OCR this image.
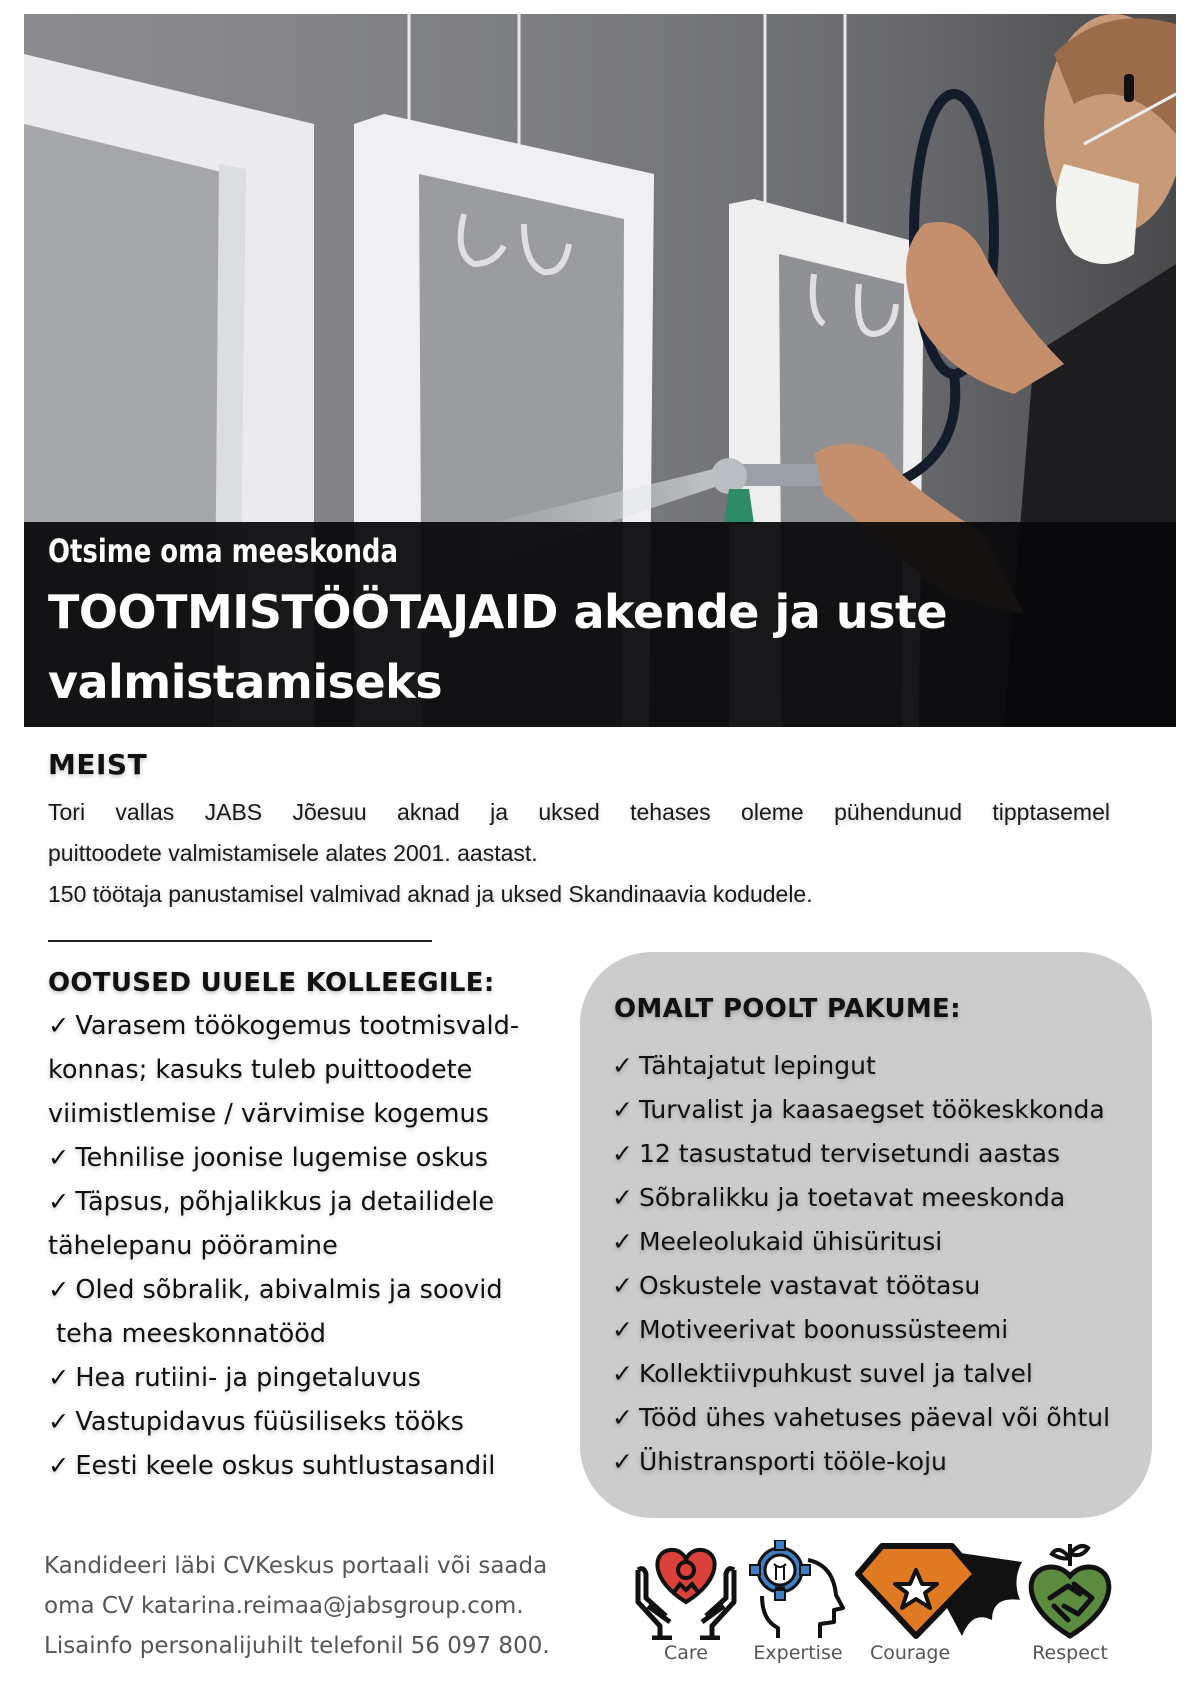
Otsime oma meeskonda
TOOTMISTÖÖTAJAID akende ja uste
valmistamiseks
MEIST
Tori vallas JABS Jõesuu aknad ja uksed tehases oleme pühendunud tipptasemel
puittoodete valmistamisele alates 2001. aastast.
150 töötaja panustamisel valmivad aknad ja uksed Skandinaavia kodudele.
OOTUSED UUELE KOLLEEGILE:
✓ Varasem töökogemus tootmisvald-
konnas; kasuks tuleb puittoodete
viimistlemise / värvimise kogemus
✓ Tehnilise joonise lugemise oskus
✓ Täpsus, põhjalikkus ja detailidele
tähelepanu pööramine
✓ Oled sõbralik, abivalmis ja soovid
teha meeskonnatööd
✓ Hea rutiini- ja pingetaluvus
✓ Vastupidavus füüsiliseks tööks
✓ Eesti keele oskus suhtlustasandil
OMALT POOLT PAKUME:
✓ Tähtajatut lepingut
✓ Turvalist ja kaasaegset töökeskkonda
✓ 12 tasustatud tervisetundi aastas
✓ Sõbralikku ja toetavat meeskonda
✓ Meeleolukaid ühisüritusi
✓ Oskustele vastavat töötasu
✓ Motiveerivat boonussüsteemi
✓ Kollektiivpuhkust suvel ja talvel
✓ Tööd ühes vahetuses päeval või õhtul
✓ Ühistransporti tööle-koju
Kandideeri läbi CVKeskus portaali või saada
oma CV katarina.reimaa@jabsgroup.com.
Lisainfo personalijuhilt telefonil 56 097 800.	Care	Expertise	Courage	Respect
